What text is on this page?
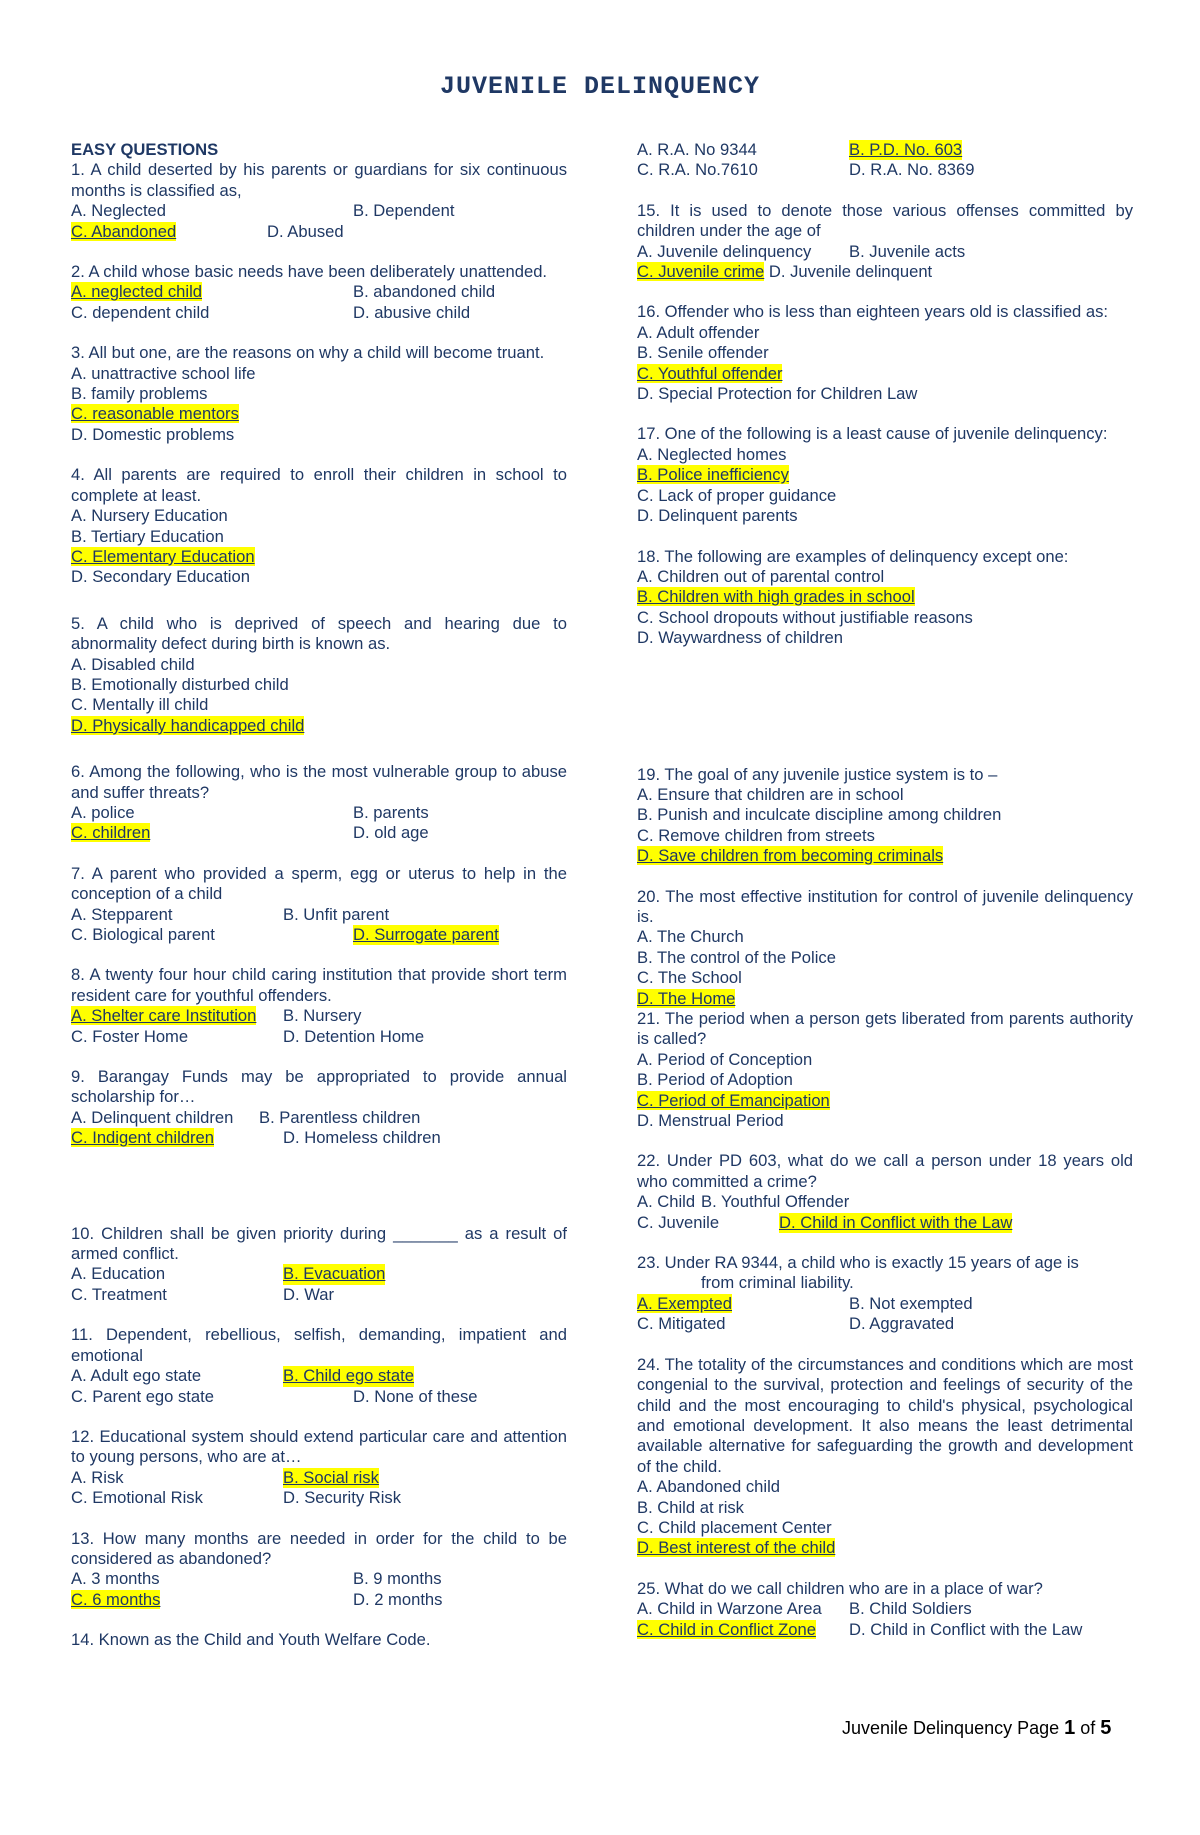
JUVENILE DELINQUENCY
EASY QUESTIONS
1. A child deserted by his parents or guardians for six continuous months is classified as,
A. Neglected	B. Dependent
C. Abandoned	D. Abused
2. A child whose basic needs have been deliberately unattended.
A. neglected child	B. abandoned child
C. dependent child	D. abusive child
3. All but one, are the reasons on why a child will become truant.
A. unattractive school life
B. family problems
C. reasonable mentors
D. Domestic problems
4. All parents are required to enroll their children in school to complete at least.
A. Nursery Education
B. Tertiary Education
C. Elementary Education
D. Secondary Education
5. A child who is deprived of speech and hearing due to abnormality defect during birth is known as.
A. Disabled child
B. Emotionally disturbed child
C. Mentally ill child
D. Physically handicapped child
6. Among the following, who is the most vulnerable group to abuse and suffer threats?
A. police	B. parents
C. children	D. old age
7. A parent who provided a sperm, egg or uterus to help in the conception of a child
A. Stepparent	B. Unfit parent
C. Biological parent	D. Surrogate parent
8. A twenty four hour child caring institution that provide short term resident care for youthful offenders.
A. Shelter care Institution	B. Nursery
C. Foster Home	D. Detention Home
9. Barangay Funds may be appropriated to provide annual scholarship for…
A. Delinquent children	B. Parentless children
C. Indigent children	D. Homeless children
10. Children shall be given priority during _______ as a result of armed conflict.
A. Education	B. Evacuation
C. Treatment	D. War
11. Dependent, rebellious, selfish, demanding, impatient and emotional
A. Adult ego state	B. Child ego state
C. Parent ego state	D. None of these
12. Educational system should extend particular care and attention to young persons, who are at…
A. Risk	B. Social risk
C. Emotional Risk	D. Security Risk
13. How many months are needed in order for the child to be considered as abandoned?
A. 3 months	B. 9 months
C. 6 months	D. 2 months
14. Known as the Child and Youth Welfare Code.
A. R.A. No 9344	B. P.D. No. 603
C. R.A. No.7610	D. R.A. No. 8369
15. It is used to denote those various offenses committed by children under the age of
A. Juvenile delinquency	B. Juvenile acts
C. Juvenile crime D. Juvenile delinquent
16. Offender who is less than eighteen years old is classified as:
A. Adult offender
B. Senile offender
C. Youthful offender
D. Special Protection for Children Law
17. One of the following is a least cause of juvenile delinquency:
A. Neglected homes
B. Police inefficiency
C. Lack of proper guidance
D. Delinquent parents
18. The following are examples of delinquency except one:
A. Children out of parental control
B. Children with high grades in school
C. School dropouts without justifiable reasons
D. Waywardness of children
19. The goal of any juvenile justice system is to –
A. Ensure that children are in school
B. Punish and inculcate discipline among children
C. Remove children from streets
D. Save children from becoming criminals
20. The most effective institution for control of juvenile delinquency is.
A. The Church
B. The control of the Police
C. The School
D. The Home
21. The period when a person gets liberated from parents authority is called?
A. Period of Conception
B. Period of Adoption
C. Period of Emancipation
D. Menstrual Period
22. Under PD 603, what do we call a person under 18 years old who committed a crime?
A. Child B. Youthful Offender
C. Juvenile	D. Child in Conflict with the Law
23. Under RA 9344, a child who is exactly 15 years of age is
from criminal liability.
A. Exempted	B. Not exempted
C. Mitigated	D. Aggravated
24. The totality of the circumstances and conditions which are most congenial to the survival, protection and feelings of security of the child and the most encouraging to child's physical, psychological and emotional development. It also means the least detrimental available alternative for safeguarding the growth and development of the child.
A. Abandoned child
B. Child at risk
C. Child placement Center
D. Best interest of the child
25. What do we call children who are in a place of war?
A. Child in Warzone Area	B. Child Soldiers
C. Child in Conflict Zone	D. Child in Conflict with the Law
Juvenile Delinquency Page 1 of 5
